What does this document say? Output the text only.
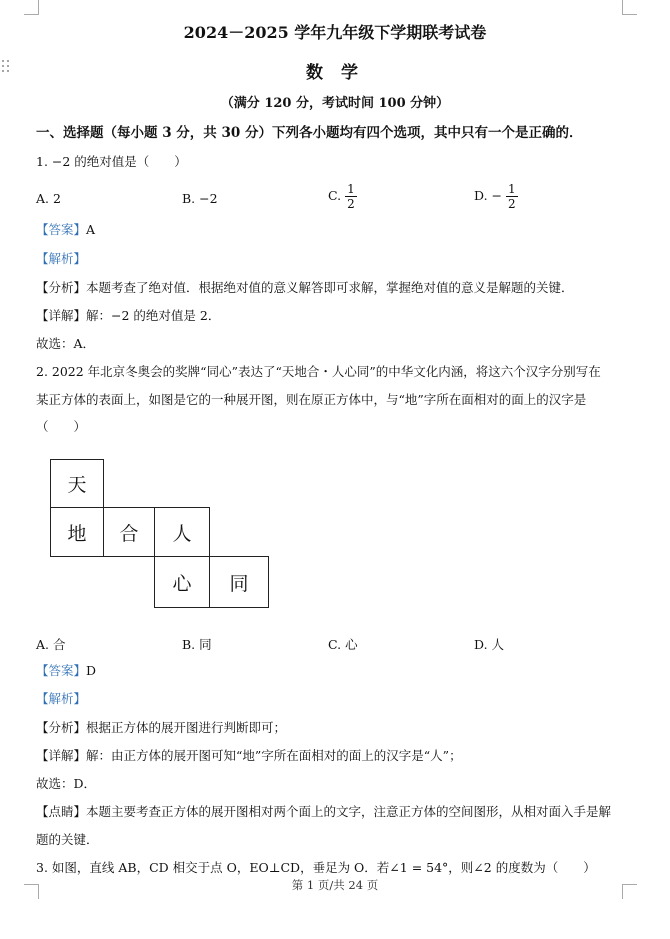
2024－2025 学年九年级下学期联考试卷
数 学
（满分 120 分，考试时间 100 分钟）
一、选择题（每小题 3 分，共 30 分）下列各小题均有四个选项，其中只有一个是正确的．
1. −2 的绝对值是（　　）
A. 2	B. −2	C. $\frac{1}{2}$	D. − $\frac{1}{2}$
【答案】A
【解析】
【分析】本题考查了绝对值．根据绝对值的意义解答即可求解，掌握绝对值的意义是解题的关键．
【详解】解：−2 的绝对值是 2．
故选：A．
2. 2022 年北京冬奥会的奖牌“同心”表达了“天地合・人心同”的中华文化内涵，将这六个汉字分别写在
某正方体的表面上，如图是它的一种展开图，则在原正方体中，与“地”字所在面相对的面上的汉字是
（　　）
天
地	合	人
心	同
A. 合	B. 同	C. 心	D. 人
【答案】D
【解析】
【分析】根据正方体的展开图进行判断即可；
【详解】解：由正方体的展开图可知“地”字所在面相对的面上的汉字是“人”；
故选：D．
【点睛】本题主要考查正方体的展开图相对两个面上的文字，注意正方体的空间图形，从相对面入手是解
题的关键．
3. 如图，直线 AB，CD 相交于点 O，EO⊥CD，垂足为 O．若∠1 = 54°，则∠2 的度数为（　　）
第 1 页/共 24 页
